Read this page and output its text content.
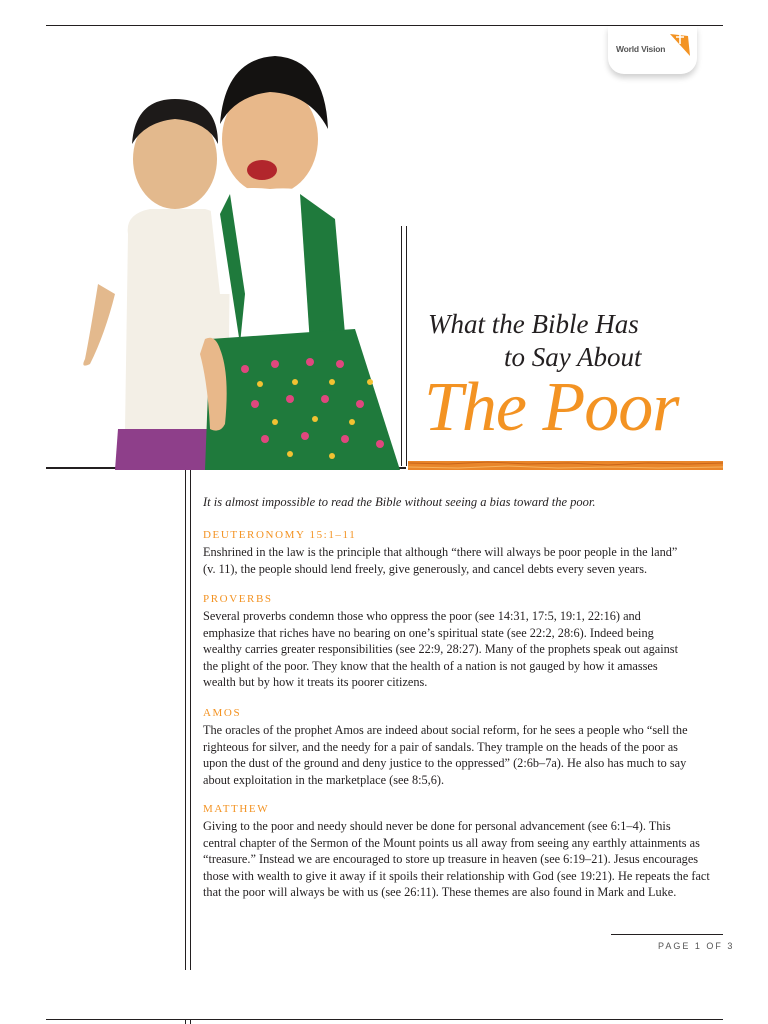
World Vision
What the Bible Has
to Say About
The Poor
It is almost impossible to read the Bible without seeing a bias toward the poor.
DEUTERONOMY 15:1–11
Enshrined in the law is the principle that although “there will always be poor people in the land”
(v. 11), the people should lend freely, give generously, and cancel debts every seven years.
PROVERBS
Several proverbs condemn those who oppress the poor (see 14:31, 17:5, 19:1, 22:16) and
emphasize that riches have no bearing on one’s spiritual state (see 22:2, 28:6). Indeed being
wealthy carries greater responsibilities (see 22:9, 28:27). Many of the prophets speak out against
the plight of the poor. They know that the health of a nation is not gauged by how it amasses
wealth but by how it treats its poorer citizens.
AMOS
The oracles of the prophet Amos are indeed about social reform, for he sees a people who “sell the
righteous for silver, and the needy for a pair of sandals. They trample on the heads of the poor as
upon the dust of the ground and deny justice to the oppressed” (2:6b–7a). He also has much to say
about exploitation in the marketplace (see 8:5,6).
MATTHEW
Giving to the poor and needy should never be done for personal advancement (see 6:1–4). This
central chapter of the Sermon of the Mount points us all away from seeing any earthly attainments as
“treasure.” Instead we are encouraged to store up treasure in heaven (see 6:19–21). Jesus encourages
those with wealth to give it away if it spoils their relationship with God (see 19:21). He repeats the fact
that the poor will always be with us (see 26:11). These themes are also found in Mark and Luke.
PAGE 1 OF 3
